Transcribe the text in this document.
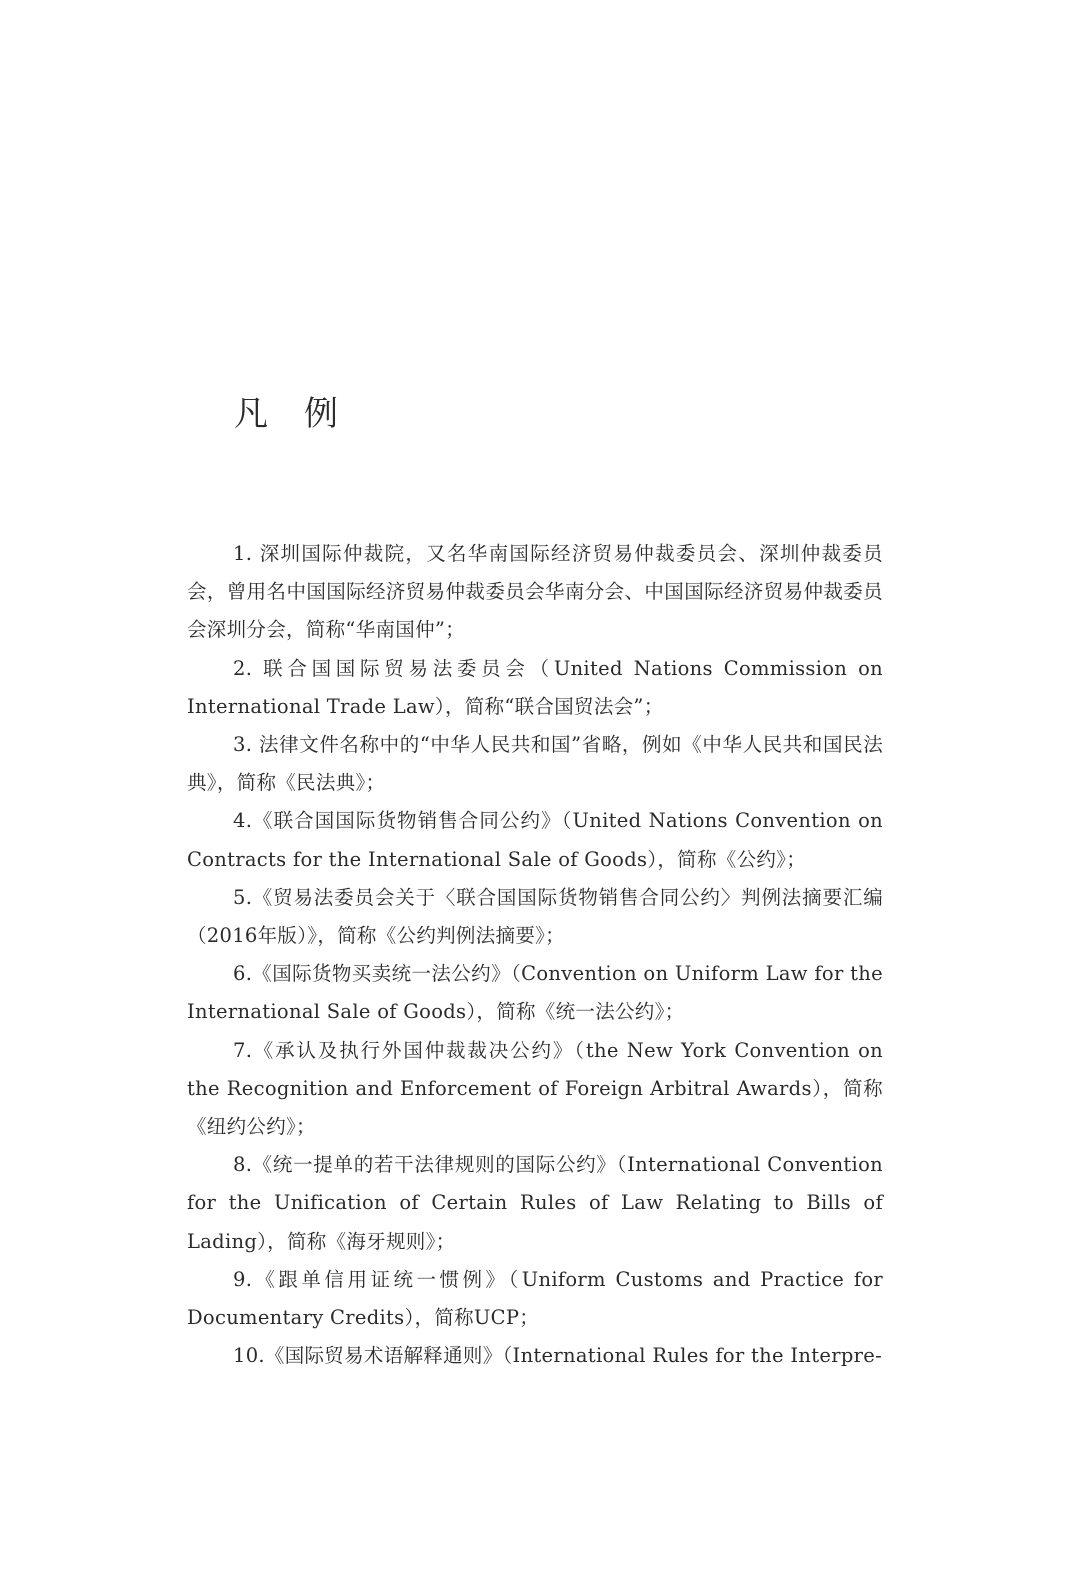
凡例
1. 深圳国际仲裁院，又名华南国际经济贸易仲裁委员会、深圳仲裁委员会，曾用名中国国际经济贸易仲裁委员会华南分会、中国国际经济贸易仲裁委员会深圳分会，简称“华南国仲”；
2. 联合国国际贸易法委员会（United Nations Commission on International Trade Law），简称“联合国贸法会”；
3. 法律文件名称中的“中华人民共和国”省略，例如《中华人民共和国民法典》，简称《民法典》；
4.《联合国国际货物销售合同公约》（United Nations Convention on Contracts for the International Sale of Goods），简称《公约》；
5.《贸易法委员会关于〈联合国国际货物销售合同公约〉判例法摘要汇编（2016年版）》，简称《公约判例法摘要》；
6.《国际货物买卖统一法公约》（Convention on Uniform Law for the International Sale of Goods），简称《统一法公约》；
7.《承认及执行外国仲裁裁决公约》（the New York Convention on the Recognition and Enforcement of Foreign Arbitral Awards），简称《纽约公约》；
8.《统一提单的若干法律规则的国际公约》（International Convention for the Unification of Certain Rules of Law Relating to Bills of Lading），简称《海牙规则》；
9.《跟单信用证统一惯例》（Uniform Customs and Practice for Documentary Credits），简称UCP；
10.《国际贸易术语解释通则》（International Rules for the Interpre-
